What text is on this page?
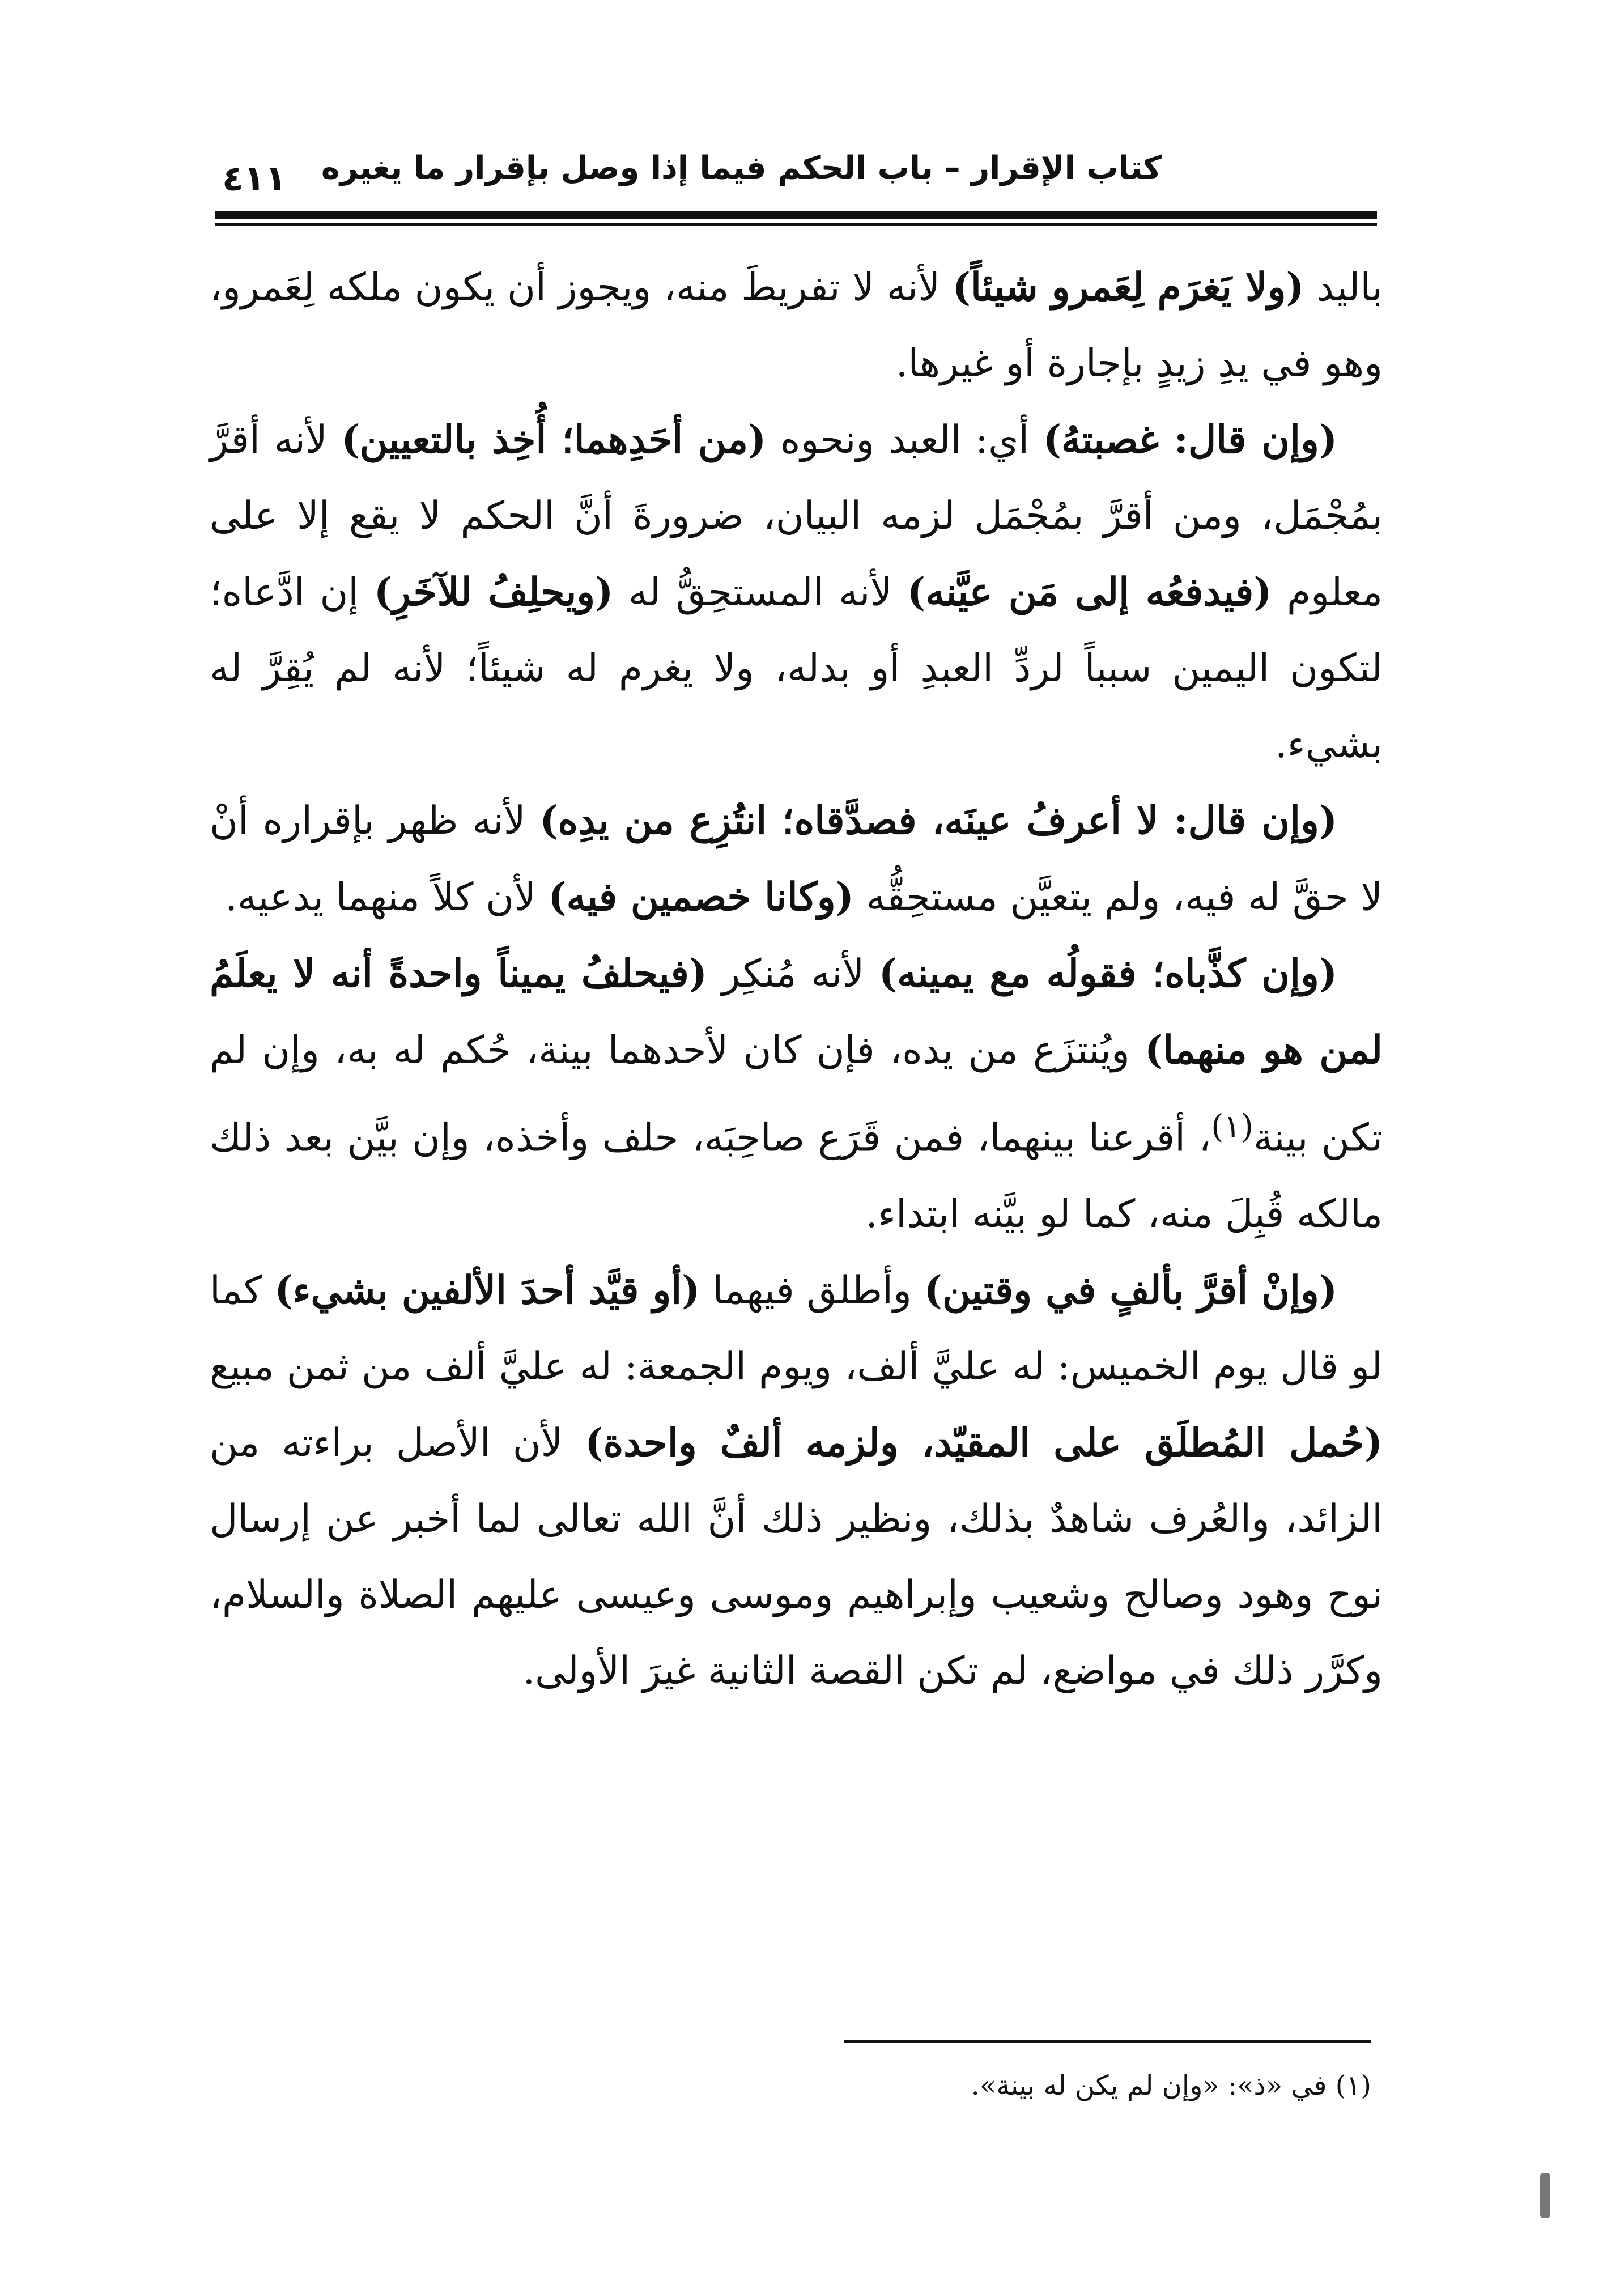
كتاب الإقرار – باب الحكم فيما إذا وصل بإقرار ما يغيره
٤١١

باليد (ولا يَغرَم لِعَمرو شيئاً) لأنه لا تفريطَ منه، ويجوز أن يكون ملكه لِعَمرو، وهو في يدِ زيدٍ بإجارة أو غيرها.

(وإن قال: غصبتهُ) أي: العبد ونحوه (من أحَدِهما؛ أُخِذ بالتعيين) لأنه أقرَّ بمُجْمَل، ومن أقرَّ بمُجْمَل لزمه البيان، ضرورةَ أنَّ الحكم لا يقع إلا على معلوم (فيدفعُه إلى مَن عيَّنه) لأنه المستحِقُّ له (ويحلِفُ للآخَرِ) إن ادَّعاه؛ لتكون اليمين سبباً لردِّ العبدِ أو بدله، ولا يغرم له شيئاً؛ لأنه لم يُقِرَّ له بشيء.

(وإن قال: لا أعرفُ عينَه، فصدَّقاه؛ انتُزِع من يدِه) لأنه ظهر بإقراره أنْ لا حقَّ له فيه، ولم يتعيَّن مستحِقُّه (وكانا خصمين فيه) لأن كلاً منهما يدعيه.

(وإن كذَّباه؛ فقولُه مع يمينه) لأنه مُنكِر (فيحلفُ يميناً واحدةً أنه لا يعلَمُ لمن هو منهما) ويُنتزَع من يده، فإن كان لأحدهما بينة، حُكم له به، وإن لم تكن بينة$^{(١)}$، أقرعنا بينهما، فمن قَرَع صاحِبَه، حلف وأخذه، وإن بيَّن بعد ذلك مالكه قُبِلَ منه، كما لو بيَّنه ابتداء.

(وإنْ أقرَّ بألفٍ في وقتين) وأطلق فيهما (أو قيَّد أحدَ الألفين بشيء) كما لو قال يوم الخميس: له عليَّ ألف، ويوم الجمعة: له عليَّ ألف من ثمن مبيع (حُمل المُطلَق على المقيّد، ولزمه ألفٌ واحدة) لأن الأصل براءته من الزائد، والعُرف شاهدٌ بذلك، ونظير ذلك أنَّ الله تعالى لما أخبر عن إرسال نوح وهود وصالح وشعيب وإبراهيم وموسى وعيسى عليهم الصلاة والسلام، وكرَّر ذلك في مواضع، لم تكن القصة الثانية غيرَ الأولى.

(١) في «ذ»: «وإن لم يكن له بينة».
